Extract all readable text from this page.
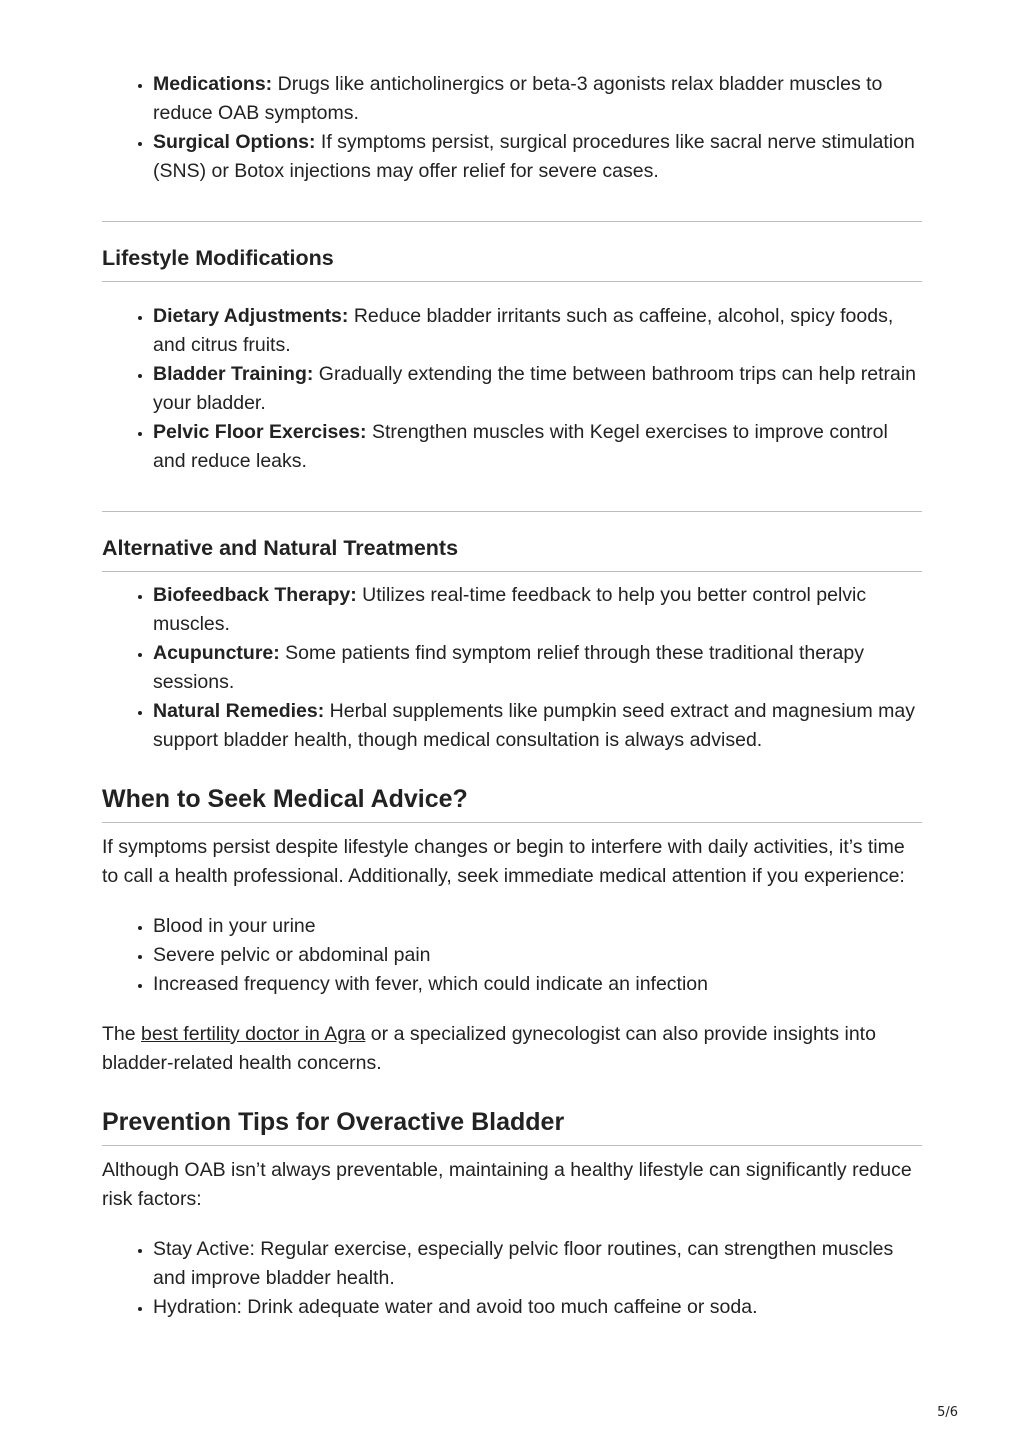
• Medications: Drugs like anticholinergics or beta-3 agonists relax bladder muscles to reduce OAB symptoms.
• Surgical Options: If symptoms persist, surgical procedures like sacral nerve stimulation (SNS) or Botox injections may offer relief for severe cases.
Lifestyle Modifications
• Dietary Adjustments: Reduce bladder irritants such as caffeine, alcohol, spicy foods, and citrus fruits.
• Bladder Training: Gradually extending the time between bathroom trips can help retrain your bladder.
• Pelvic Floor Exercises: Strengthen muscles with Kegel exercises to improve control and reduce leaks.
Alternative and Natural Treatments
• Biofeedback Therapy: Utilizes real-time feedback to help you better control pelvic muscles.
• Acupuncture: Some patients find symptom relief through these traditional therapy sessions.
• Natural Remedies: Herbal supplements like pumpkin seed extract and magnesium may support bladder health, though medical consultation is always advised.
When to Seek Medical Advice?

If symptoms persist despite lifestyle changes or begin to interfere with daily activities, it’s time to call a health professional. Additionally, seek immediate medical attention if you experience:

• Blood in your urine
• Severe pelvic or abdominal pain
• Increased frequency with fever, which could indicate an infection

The best fertility doctor in Agra or a specialized gynecologist can also provide insights into bladder-related health concerns.

Prevention Tips for Overactive Bladder

Although OAB isn’t always preventable, maintaining a healthy lifestyle can significantly reduce risk factors:

• Stay Active: Regular exercise, especially pelvic floor routines, can strengthen muscles and improve bladder health.
• Hydration: Drink adequate water and avoid too much caffeine or soda.
5/6
